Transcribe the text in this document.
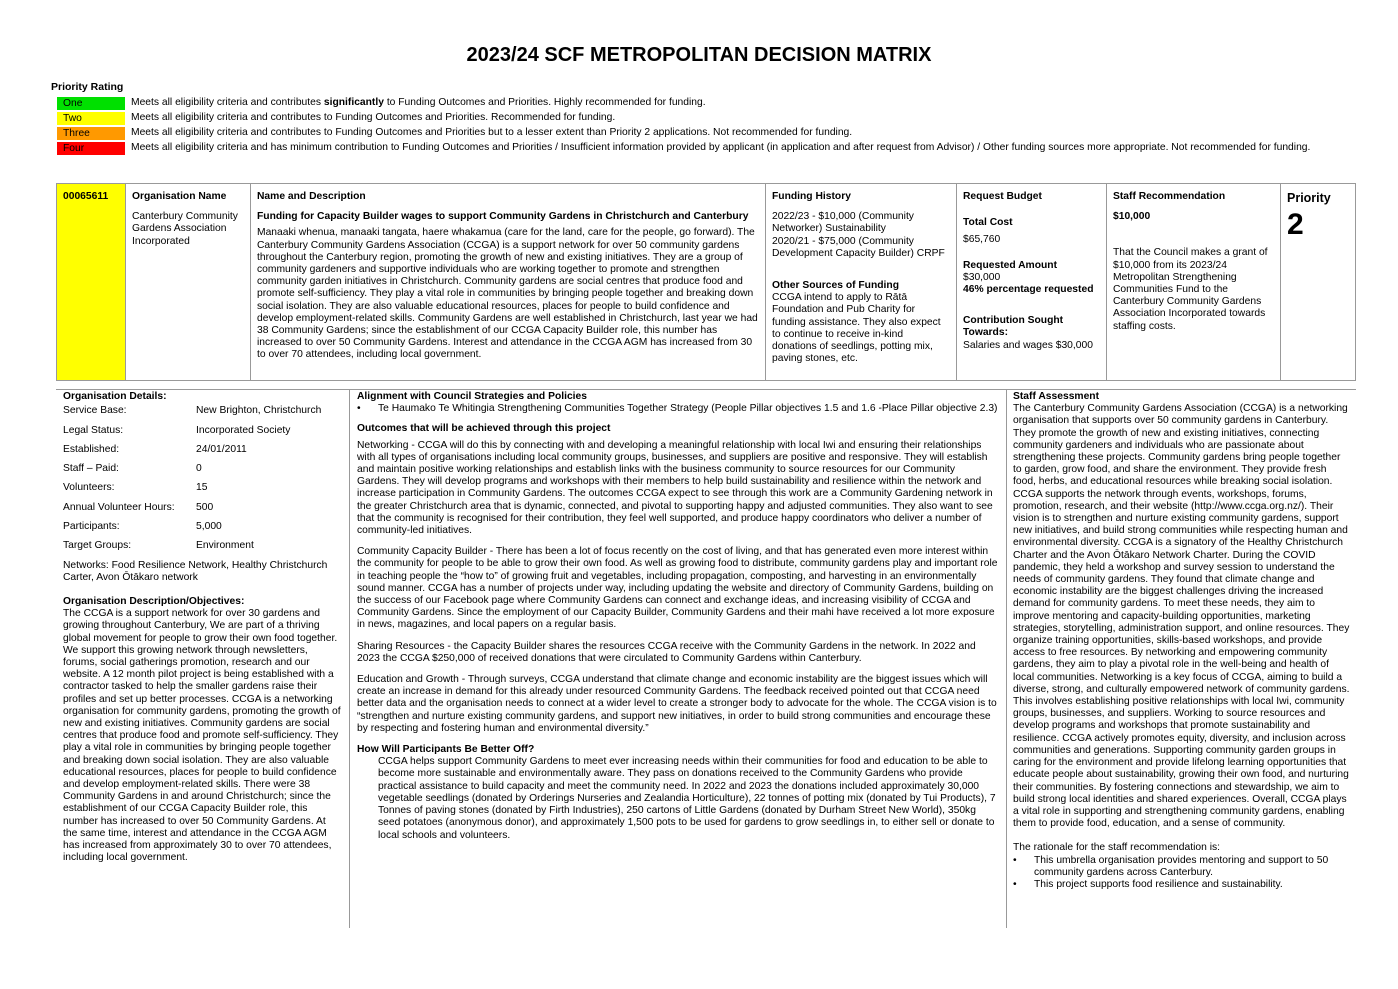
2023/24 SCF METROPOLITAN DECISION MATRIX
Priority Rating
One	Meets all eligibility criteria and contributes significantly to Funding Outcomes and Priorities. Highly recommended for funding.
Two	Meets all eligibility criteria and contributes to Funding Outcomes and Priorities. Recommended for funding.
Three	Meets all eligibility criteria and contributes to Funding Outcomes and Priorities but to a lesser extent than Priority 2 applications. Not recommended for funding.
Four	Meets all eligibility criteria and has minimum contribution to Funding Outcomes and Priorities / Insufficient information provided by applicant (in application and after request from Advisor) / Other funding sources more appropriate. Not recommended for funding.
00065611	Organisation Name
Canterbury Community Gardens Association Incorporated
Name and Description
Funding for Capacity Builder wages to support Community Gardens in Christchurch and Canterbury
Manaaki whenua, manaaki tangata, haere whakamua (care for the land, care for the people, go forward). The Canterbury Community Gardens Association (CCGA) is a support network for over 50 community gardens throughout the Canterbury region, promoting the growth of new and existing initiatives. They are a group of community gardeners and supportive individuals who are working together to promote and strengthen community garden initiatives in Christchurch. Community gardens are social centres that produce food and promote self-sufficiency. They play a vital role in communities by bringing people together and breaking down social isolation. They are also valuable educational resources, places for people to build confidence and develop employment-related skills. Community Gardens are well established in Christchurch, last year we had 38 Community Gardens; since the establishment of our CCGA Capacity Builder role, this number has increased to over 50 Community Gardens. Interest and attendance in the CCGA AGM has increased from 30 to over 70 attendees, including local government.
Funding History
2022/23 - $10,000 (Community Networker) Sustainability
2020/21 - $75,000 (Community Development Capacity Builder) CRPF
Other Sources of Funding
CCGA intend to apply to Rātā Foundation and Pub Charity for funding assistance. They also expect to continue to receive in-kind donations of seedlings, potting mix, paving stones, etc.
Request Budget
Total Cost
$65,760
Requested Amount
$30,000
46% percentage requested
Contribution Sought Towards:
Salaries and wages $30,000
Staff Recommendation
$10,000
That the Council makes a grant of $10,000 from its 2023/24 Metropolitan Strengthening Communities Fund to the Canterbury Community Gardens Association Incorporated towards staffing costs.
Priority
2
Organisation Details:
Service Base:	New Brighton, Christchurch
Legal Status:	Incorporated Society
Established:	24/01/2011
Staff – Paid:	0
Volunteers:	15
Annual Volunteer Hours:	500
Participants:	5,000
Target Groups:	Environment
Networks: Food Resilience Network, Healthy Christchurch Carter, Avon Ōtākaro network
Organisation Description/Objectives:
The CCGA is a support network for over 30 gardens and growing throughout Canterbury, We are part of a thriving global movement for people to grow their own food together. We support this growing network through newsletters, forums, social gatherings promotion, research and our website. A 12 month pilot project is being established with a contractor tasked to help the smaller gardens raise their profiles and set up better processes. CCGA is a networking organisation for community gardens, promoting the growth of new and existing initiatives. Community gardens are social centres that produce food and promote self-sufficiency. They play a vital role in communities by bringing people together and breaking down social isolation. They are also valuable educational resources, places for people to build confidence and develop employment-related skills. There were 38 Community Gardens in and around Christchurch; since the establishment of our CCGA Capacity Builder role, this number has increased to over 50 Community Gardens. At the same time, interest and attendance in the CCGA AGM has increased from approximately 30 to over 70 attendees, including local government.
Alignment with Council Strategies and Policies
•	Te Haumako Te Whitingia Strengthening Communities Together Strategy (People Pillar objectives 1.5 and 1.6 -Place Pillar objective 2.3)
Outcomes that will be achieved through this project

Networking - CCGA will do this by connecting with and developing a meaningful relationship with local Iwi and ensuring their relationships with all types of organisations including local community groups, businesses, and suppliers are positive and responsive. They will establish and maintain positive working relationships and establish links with the business community to source resources for our Community Gardens. They will develop programs and workshops with their members to help build sustainability and resilience within the network and increase participation in Community Gardens. The outcomes CCGA expect to see through this work are a Community Gardening network in the greater Christchurch area that is dynamic, connected, and pivotal to supporting happy and adjusted communities. They also want to see that the community is recognised for their contribution, they feel well supported, and produce happy coordinators who deliver a number of community-led initiatives.

Community Capacity Builder - There has been a lot of focus recently on the cost of living, and that has generated even more interest within the community for people to be able to grow their own food. As well as growing food to distribute, community gardens play and important role in teaching people the “how to” of growing fruit and vegetables, including propagation, composting, and harvesting in an environmentally sound manner. CCGA has a number of projects under way, including updating the website and directory of Community Gardens, building on the success of our Facebook page where Community Gardens can connect and exchange ideas, and increasing visibility of CCGA and Community Gardens. Since the employment of our Capacity Builder, Community Gardens and their mahi have received a lot more exposure in news, magazines, and local papers on a regular basis.

Sharing Resources - the Capacity Builder shares the resources CCGA receive with the Community Gardens in the network. In 2022 and 2023 the CCGA $250,000 of received donations that were circulated to Community Gardens within Canterbury.

Education and Growth - Through surveys, CCGA understand that climate change and economic instability are the biggest issues which will create an increase in demand for this already under resourced Community Gardens. The feedback received pointed out that CCGA need better data and the organisation needs to connect at a wider level to create a stronger body to advocate for the whole. The CCGA vision is to “strengthen and nurture existing community gardens, and support new initiatives, in order to build strong communities and encourage these by respecting and fostering human and environmental diversity.”

How Will Participants Be Better Off?
CCGA helps support Community Gardens to meet ever increasing needs within their communities for food and education to be able to become more sustainable and environmentally aware. They pass on donations received to the Community Gardens who provide practical assistance to build capacity and meet the community need. In 2022 and 2023 the donations included approximately 30,000 vegetable seedlings (donated by Orderings Nurseries and Zealandia Horticulture), 22 tonnes of potting mix (donated by Tui Products), 7 Tonnes of paving stones (donated by Firth Industries), 250 cartons of Little Gardens (donated by Durham Street New World), 350kg seed potatoes (anonymous donor), and approximately 1,500 pots to be used for gardens to grow seedlings in, to either sell or donate to local schools and volunteers.
Staff Assessment
The Canterbury Community Gardens Association (CCGA) is a networking organisation that supports over 50 community gardens in Canterbury. They promote the growth of new and existing initiatives, connecting community gardeners and individuals who are passionate about strengthening these projects. Community gardens bring people together to garden, grow food, and share the environment. They provide fresh food, herbs, and educational resources while breaking social isolation. CCGA supports the network through events, workshops, forums, promotion, research, and their website (http://www.ccga.org.nz/). Their vision is to strengthen and nurture existing community gardens, support new initiatives, and build strong communities while respecting human and environmental diversity. CCGA is a signatory of the Healthy Christchurch Charter and the Avon Ōtākaro Network Charter. During the COVID pandemic, they held a workshop and survey session to understand the needs of community gardens. They found that climate change and economic instability are the biggest challenges driving the increased demand for community gardens. To meet these needs, they aim to improve mentoring and capacity-building opportunities, marketing strategies, storytelling, administration support, and online resources. They organize training opportunities, skills-based workshops, and provide access to free resources. By networking and empowering community gardens, they aim to play a pivotal role in the well-being and health of local communities. Networking is a key focus of CCGA, aiming to build a diverse, strong, and culturally empowered network of community gardens. This involves establishing positive relationships with local Iwi, community groups, businesses, and suppliers. Working to source resources and develop programs and workshops that promote sustainability and resilience. CCGA actively promotes equity, diversity, and inclusion across communities and generations. Supporting community garden groups in caring for the environment and provide lifelong learning opportunities that educate people about sustainability, growing their own food, and nurturing their communities. By fostering connections and stewardship, we aim to build strong local identities and shared experiences. Overall, CCGA plays a vital role in supporting and strengthening community gardens, enabling them to provide food, education, and a sense of community.
The rationale for the staff recommendation is:
•	This umbrella organisation provides mentoring and support to 50 community gardens across Canterbury.
•	This project supports food resilience and sustainability.
